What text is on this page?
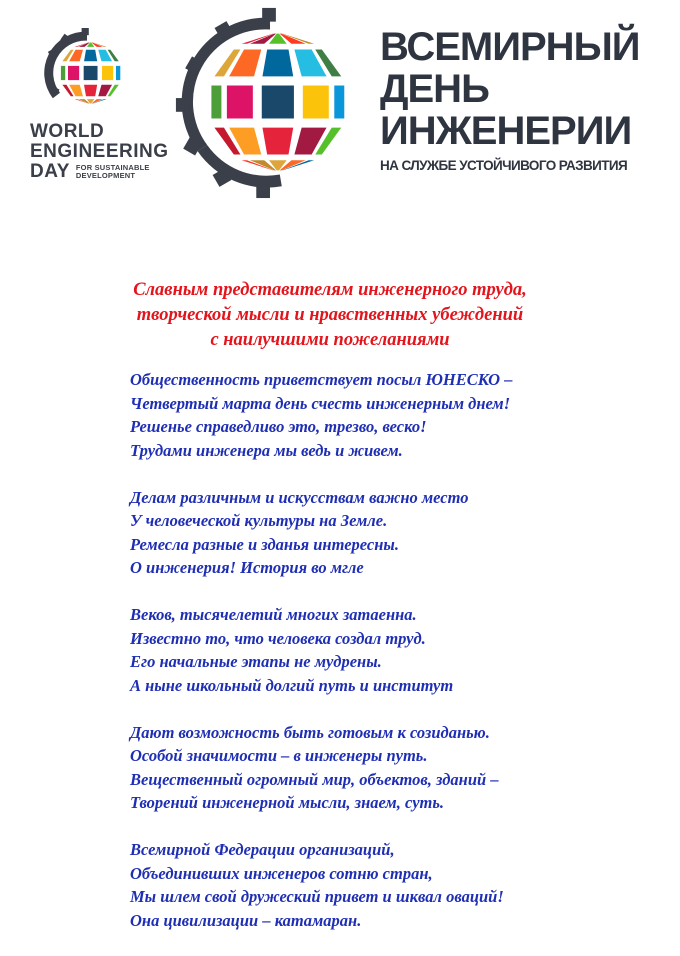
WORLD
ENGINEERING
DAY FOR SUSTAINABLE
DEVELOPMENT
ВСЕМИРНЫЙ
ДЕНЬ
ИНЖЕНЕРИИ
НА СЛУЖБЕ УСТОЙЧИВОГО РАЗВИТИЯ
Славным представителям инженерного труда,
творческой мысли и нравственных убеждений
с наилучшими пожеланиями
Общественность приветствует посыл ЮНЕСКО –
Четвертый марта день счесть инженерным днем!
Решенье справедливо это, трезво, веско!
Трудами инженера мы ведь и живем.
Делам различным и искусствам важно место
У человеческой культуры на Земле.
Ремесла разные и зданья интересны.
О инженерия! История во мгле
Веков, тысячелетий многих затаенна.
Известно то, что человека создал труд.
Его начальные этапы не мудрены.
А ныне школьный долгий путь и институт
Дают возможность быть готовым к созиданью.
Особой значимости – в инженеры путь.
Вещественный огромный мир, объектов, зданий –
Творений инженерной мысли, знаем, суть.
Всемирной Федерации организаций,
Объединивших инженеров сотню стран,
Мы шлем свой дружеский привет и шквал оваций!
Она цивилизации – катамаран.
